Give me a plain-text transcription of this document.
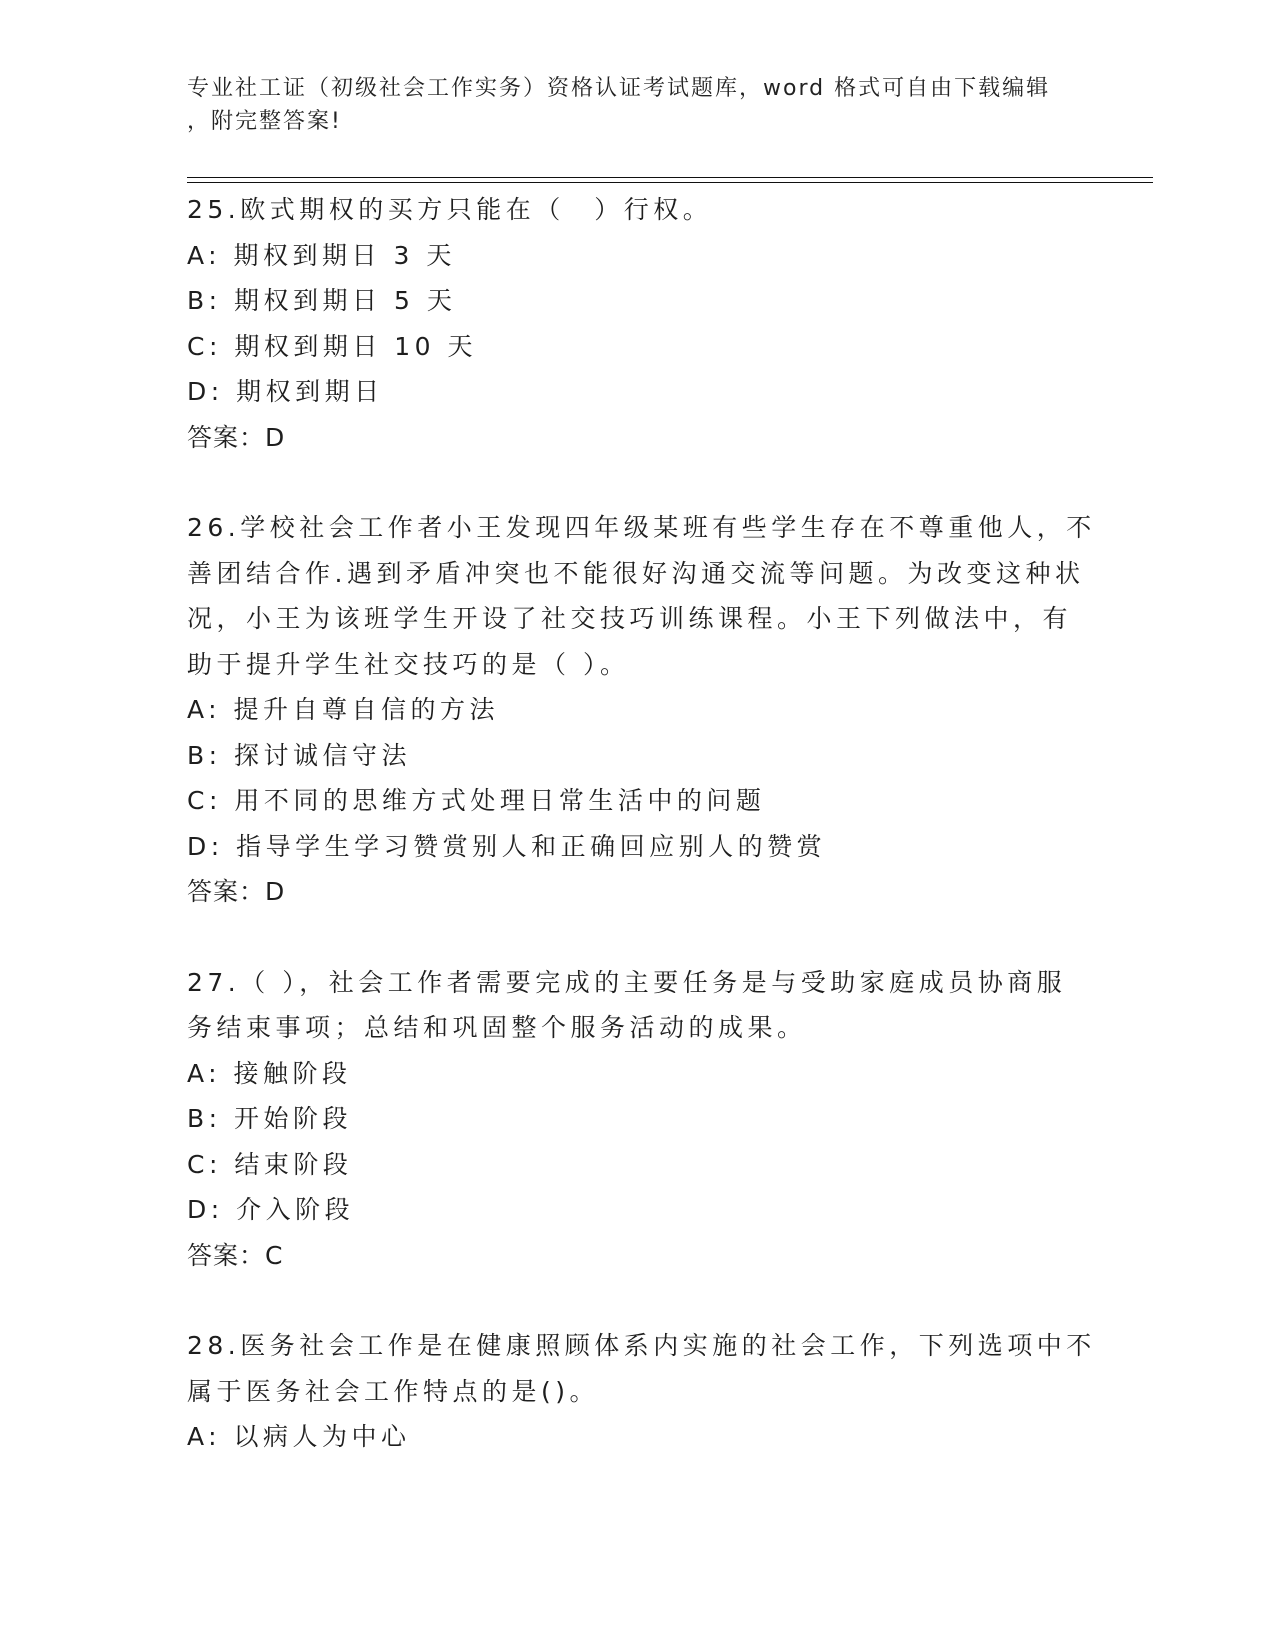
专业社工证（初级社会工作实务）资格认证考试题库，word 格式可自由下载编辑
，附完整答案!
25.欧式期权的买方只能在（　）行权。
A: 期权到期日 3 天
B: 期权到期日 5 天
C: 期权到期日 10 天
D: 期权到期日
答案：D
26.学校社会工作者小王发现四年级某班有些学生存在不尊重他人，不
善团结合作.遇到矛盾冲突也不能很好沟通交流等问题。为改变这种状
况，小王为该班学生开设了社交技巧训练课程。小王下列做法中，有
助于提升学生社交技巧的是（ ）。
A: 提升自尊自信的方法
B: 探讨诚信守法
C: 用不同的思维方式处理日常生活中的问题
D: 指导学生学习赞赏别人和正确回应别人的赞赏
答案：D
27.（ ），社会工作者需要完成的主要任务是与受助家庭成员协商服
务结束事项；总结和巩固整个服务活动的成果。
A: 接触阶段
B: 开始阶段
C: 结束阶段
D: 介入阶段
答案：C
28.医务社会工作是在健康照顾体系内实施的社会工作，下列选项中不
属于医务社会工作特点的是()。
A: 以病人为中心
